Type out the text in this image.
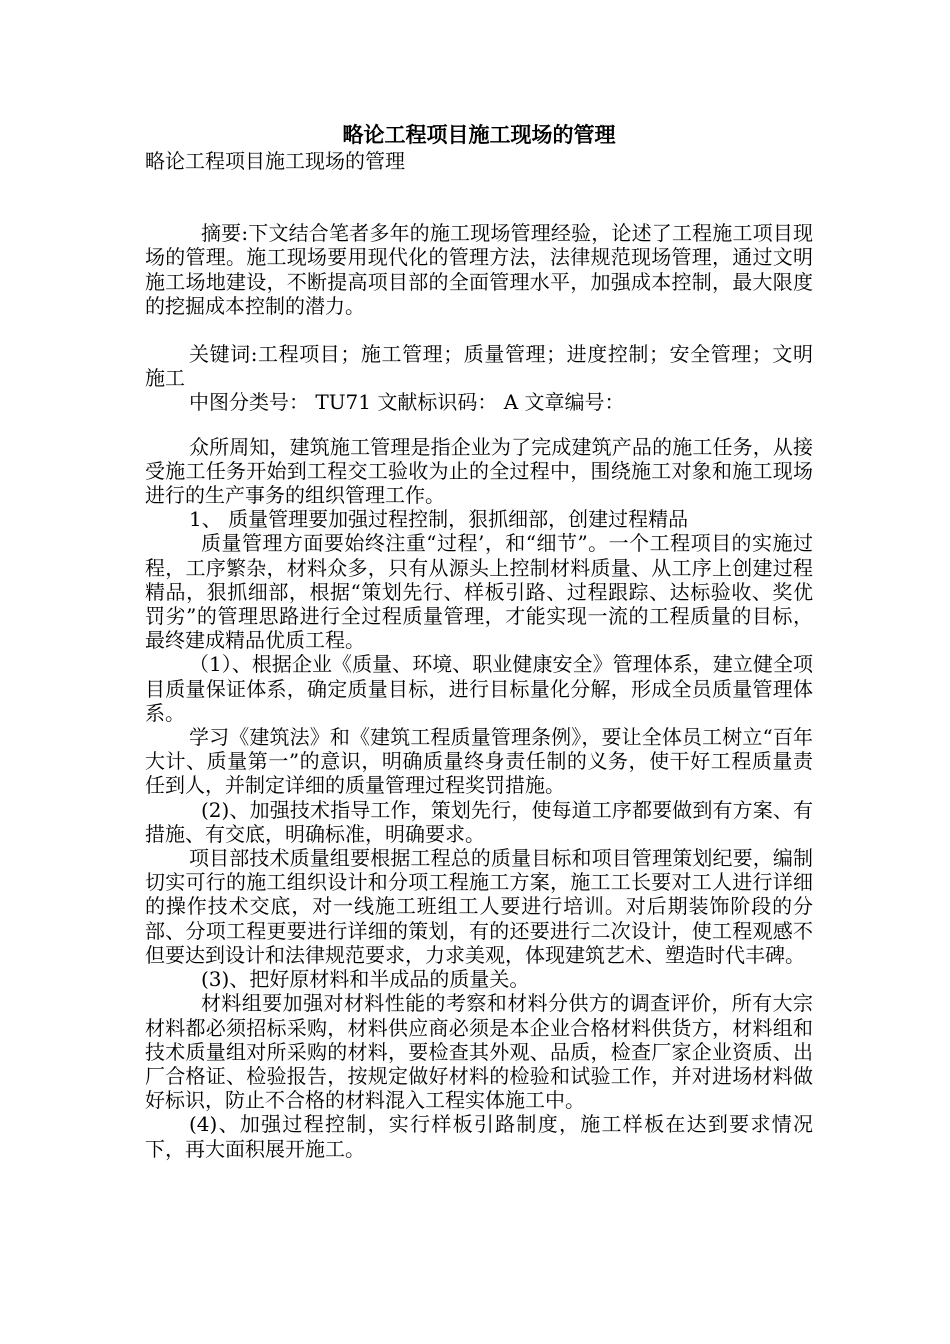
略论工程项目施工现场的管理

略论工程项目施工现场的管理

摘要:下文结合笔者多年的施工现场管理经验，论述了工程施工项目现场的管理。施工现场要用现代化的管理方法，法律规范现场管理，通过文明施工场地建设，不断提高项目部的全面管理水平，加强成本控制，最大限度的挖掘成本控制的潜力。

关键词:工程项目；施工管理；质量管理；进度控制；安全管理；文明施工

中图分类号： TU71 文献标识码： A 文章编号：

众所周知，建筑施工管理是指企业为了完成建筑产品的施工任务，从接受施工任务开始到工程交工验收为止的全过程中，围绕施工对象和施工现场进行的生产事务的组织管理工作。

1、 质量管理要加强过程控制，狠抓细部，创建过程精品

质量管理方面要始终注重“过程’，和“细节”。一个工程项目的实施过程，工序繁杂，材料众多，只有从源头上控制材料质量、从工序上创建过程精品，狠抓细部，根据“策划先行、样板引路、过程跟踪、达标验收、奖优罚劣”的管理思路进行全过程质量管理，才能实现一流的工程质量的目标，最终建成精品优质工程。

（1）、根据企业《质量、环境、职业健康安全》管理体系，建立健全项目质量保证体系，确定质量目标，进行目标量化分解，形成全员质量管理体系。

学习《建筑法》和《建筑工程质量管理条例》，要让全体员工树立“百年大计、质量第一”的意识，明确质量终身责任制的义务，使干好工程质量责任到人，并制定详细的质量管理过程奖罚措施。

(2)、加强技术指导工作，策划先行，使每道工序都要做到有方案、有措施、有交底，明确标准，明确要求。

项目部技术质量组要根据工程总的质量目标和项目管理策划纪要，编制切实可行的施工组织设计和分项工程施工方案，施工工长要对工人进行详细的操作技术交底，对一线施工班组工人要进行培训。对后期装饰阶段的分部、分项工程更要进行详细的策划，有的还要进行二次设计，使工程观感不但要达到设计和法律规范要求，力求美观，体现建筑艺术、塑造时代丰碑。

(3)、把好原材料和半成品的质量关。

材料组要加强对材料性能的考察和材料分供方的调查评价，所有大宗材料都必须招标采购，材料供应商必须是本企业合格材料供货方，材料组和技术质量组对所采购的材料，要检查其外观、品质，检查厂家企业资质、出厂合格证、检验报告，按规定做好材料的检验和试验工作，并对进场材料做好标识，防止不合格的材料混入工程实体施工中。

(4)、加强过程控制，实行样板引路制度，施工样板在达到要求情况下，再大面积展开施工。
